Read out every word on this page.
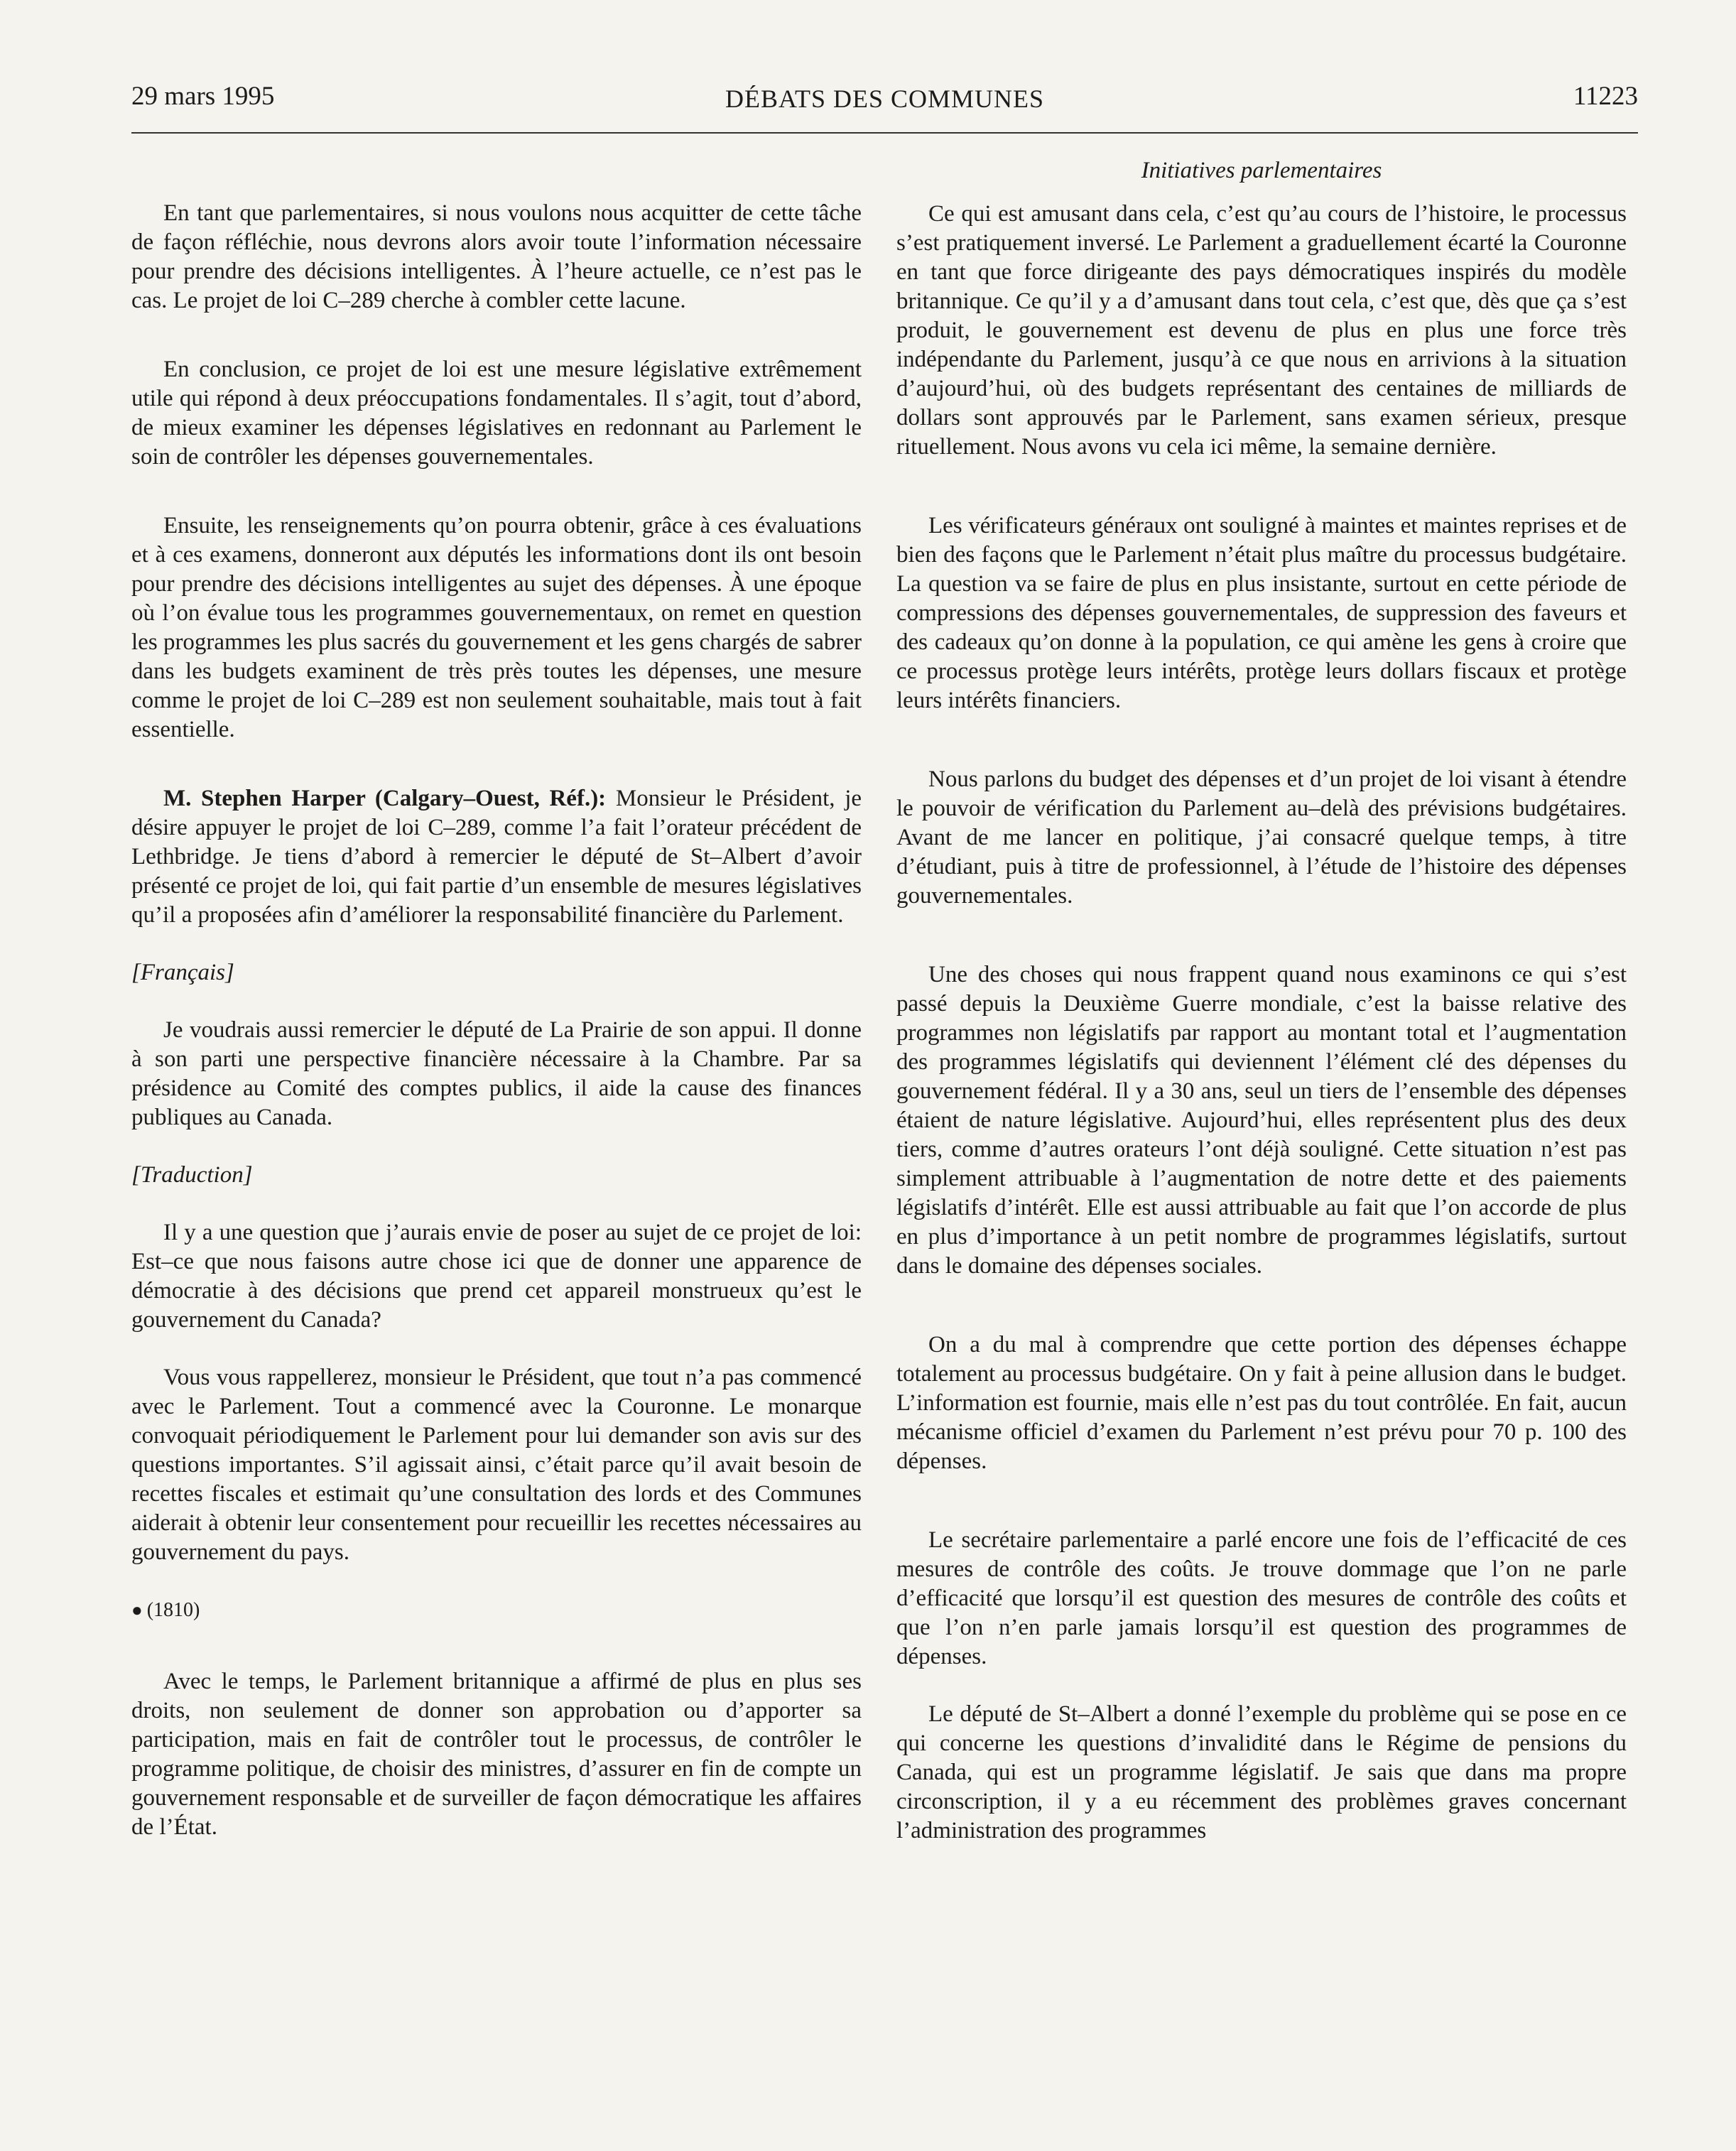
29 mars 1995	DÉBATS DES COMMUNES	11223

En tant que parlementaires, si nous voulons nous acquitter de cette tâche de façon réfléchie, nous devrons alors avoir toute l’information nécessaire pour prendre des décisions intelligentes. À l’heure actuelle, ce n’est pas le cas. Le projet de loi C–289 cherche à combler cette lacune.

En conclusion, ce projet de loi est une mesure législative extrêmement utile qui répond à deux préoccupations fondamentales. Il s’agit, tout d’abord, de mieux examiner les dépenses législatives en redonnant au Parlement le soin de contrôler les dépenses gouvernementales.

Ensuite, les renseignements qu’on pourra obtenir, grâce à ces évaluations et à ces examens, donneront aux députés les informations dont ils ont besoin pour prendre des décisions intelligentes au sujet des dépenses. À une époque où l’on évalue tous les programmes gouvernementaux, on remet en question les programmes les plus sacrés du gouvernement et les gens chargés de sabrer dans les budgets examinent de très près toutes les dépenses, une mesure comme le projet de loi C–289 est non seulement souhaitable, mais tout à fait essentielle.

M. Stephen Harper (Calgary–Ouest, Réf.): Monsieur le Président, je désire appuyer le projet de loi C–289, comme l’a fait l’orateur précédent de Lethbridge. Je tiens d’abord à remercier le député de St–Albert d’avoir présenté ce projet de loi, qui fait partie d’un ensemble de mesures législatives qu’il a proposées afin d’améliorer la responsabilité financière du Parlement.

[Français]

Je voudrais aussi remercier le député de La Prairie de son appui. Il donne à son parti une perspective financière nécessaire à la Chambre. Par sa présidence au Comité des comptes publics, il aide la cause des finances publiques au Canada.

[Traduction]

Il y a une question que j’aurais envie de poser au sujet de ce projet de loi: Est–ce que nous faisons autre chose ici que de donner une apparence de démocratie à des décisions que prend cet appareil monstrueux qu’est le gouvernement du Canada?

Vous vous rappellerez, monsieur le Président, que tout n’a pas commencé avec le Parlement. Tout a commencé avec la Couronne. Le monarque convoquait périodiquement le Parlement pour lui demander son avis sur des questions importantes. S’il agissait ainsi, c’était parce qu’il avait besoin de recettes fiscales et estimait qu’une consultation des lords et des Communes aiderait à obtenir leur consentement pour recueillir les recettes nécessaires au gouvernement du pays.

● (1810)

Avec le temps, le Parlement britannique a affirmé de plus en plus ses droits, non seulement de donner son approbation ou d’apporter sa participation, mais en fait de contrôler tout le processus, de contrôler le programme politique, de choisir des ministres, d’assurer en fin de compte un gouvernement responsable et de surveiller de façon démocratique les affaires de l’État.

Initiatives parlementaires

Ce qui est amusant dans cela, c’est qu’au cours de l’histoire, le processus s’est pratiquement inversé. Le Parlement a graduellement écarté la Couronne en tant que force dirigeante des pays démocratiques inspirés du modèle britannique. Ce qu’il y a d’amusant dans tout cela, c’est que, dès que ça s’est produit, le gouvernement est devenu de plus en plus une force très indépendante du Parlement, jusqu’à ce que nous en arrivions à la situation d’aujourd’hui, où des budgets représentant des centaines de milliards de dollars sont approuvés par le Parlement, sans examen sérieux, presque rituellement. Nous avons vu cela ici même, la semaine dernière.

Les vérificateurs généraux ont souligné à maintes et maintes reprises et de bien des façons que le Parlement n’était plus maître du processus budgétaire. La question va se faire de plus en plus insistante, surtout en cette période de compressions des dépenses gouvernementales, de suppression des faveurs et des cadeaux qu’on donne à la population, ce qui amène les gens à croire que ce processus protège leurs intérêts, protège leurs dollars fiscaux et protège leurs intérêts financiers.

Nous parlons du budget des dépenses et d’un projet de loi visant à étendre le pouvoir de vérification du Parlement au–delà des prévisions budgétaires. Avant de me lancer en politique, j’ai consacré quelque temps, à titre d’étudiant, puis à titre de professionnel, à l’étude de l’histoire des dépenses gouvernementales.

Une des choses qui nous frappent quand nous examinons ce qui s’est passé depuis la Deuxième Guerre mondiale, c’est la baisse relative des programmes non législatifs par rapport au montant total et l’augmentation des programmes législatifs qui deviennent l’élément clé des dépenses du gouvernement fédéral. Il y a 30 ans, seul un tiers de l’ensemble des dépenses étaient de nature législative. Aujourd’hui, elles représentent plus des deux tiers, comme d’autres orateurs l’ont déjà souligné. Cette situation n’est pas simplement attribuable à l’augmentation de notre dette et des paiements législatifs d’intérêt. Elle est aussi attribuable au fait que l’on accorde de plus en plus d’importance à un petit nombre de programmes législatifs, surtout dans le domaine des dépenses sociales.

On a du mal à comprendre que cette portion des dépenses échappe totalement au processus budgétaire. On y fait à peine allusion dans le budget. L’information est fournie, mais elle n’est pas du tout contrôlée. En fait, aucun mécanisme officiel d’examen du Parlement n’est prévu pour 70 p. 100 des dépenses.

Le secrétaire parlementaire a parlé encore une fois de l’efficacité de ces mesures de contrôle des coûts. Je trouve dommage que l’on ne parle d’efficacité que lorsqu’il est question des mesures de contrôle des coûts et que l’on n’en parle jamais lorsqu’il est question des programmes de dépenses.

Le député de St–Albert a donné l’exemple du problème qui se pose en ce qui concerne les questions d’invalidité dans le Régime de pensions du Canada, qui est un programme législatif. Je sais que dans ma propre circonscription, il y a eu récemment des problèmes graves concernant l’administration des programmes
